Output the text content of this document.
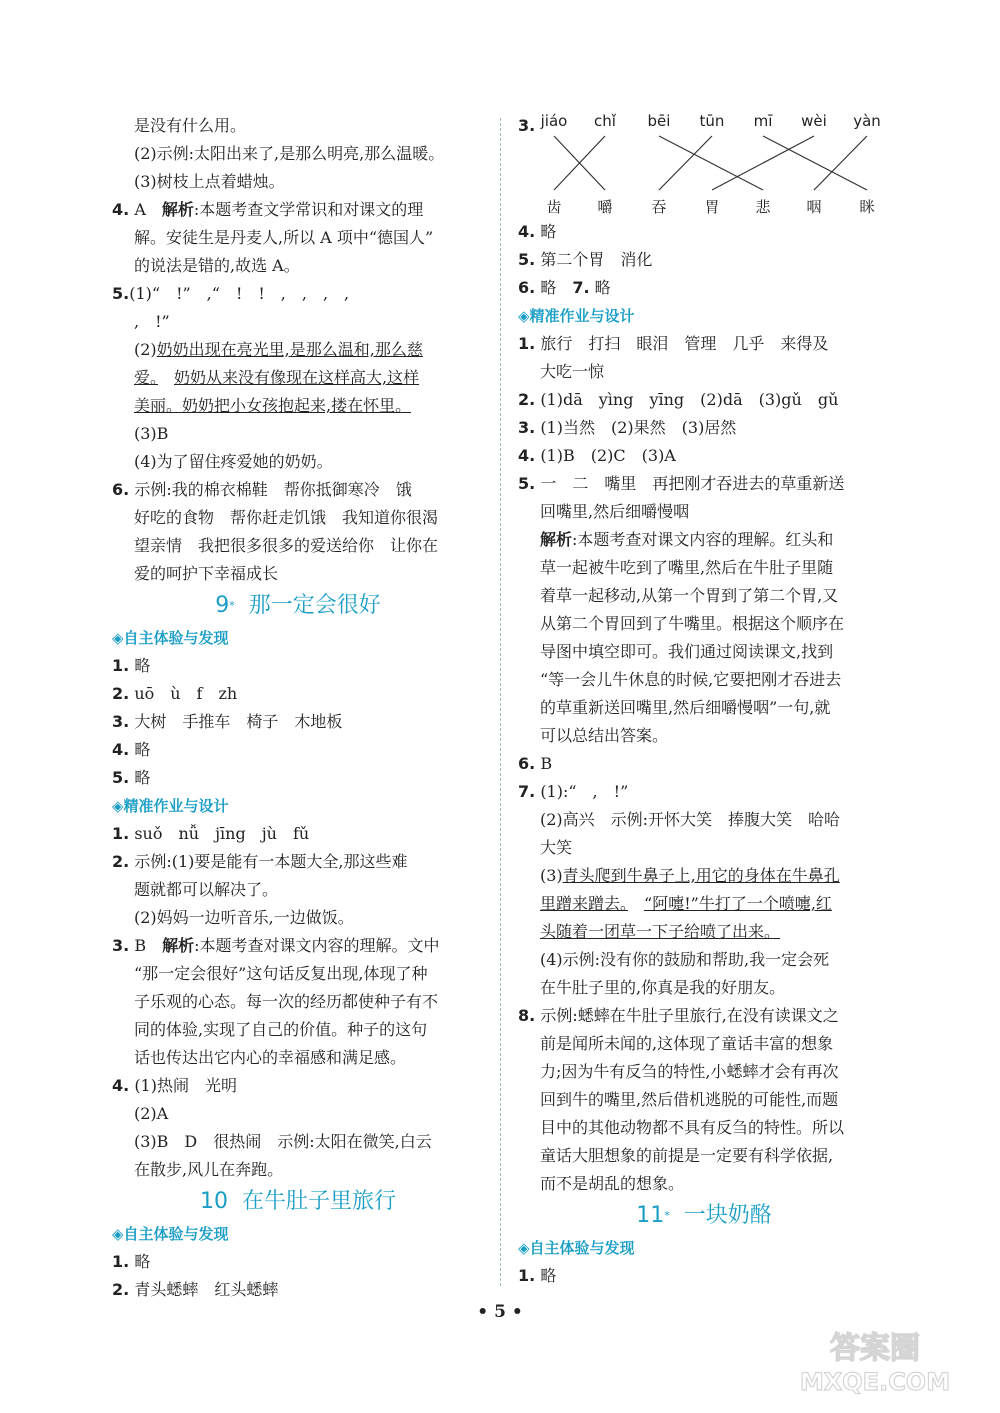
是没有什么用。
(2)示例:太阳出来了,是那么明亮,那么温暖。
(3)树枝上点着蜡烛。
4. A　 解析:本题考查文学常识和对课文的理
解。安徒生是丹麦人,所以 A 项中“德国人”
的说法是错的,故选 A。
5.(1)“　!”　,“　!　!　,　,　,　,
,　!”
(2)奶奶出现在亮光里,是那么温和,那么慈
爱。　 奶奶从来没有像现在这样高大,这样
美丽。奶奶把小女孩抱起来,搂在怀里。
(3)B
(4)为了留住疼爱她的奶奶。
6. 示例:我的棉衣棉鞋　帮你抵御寒冷　饿
好吃的食物　帮你赶走饥饿　我知道你很渴
望亲情　我把很多很多的爱送给你　让你在
爱的呵护下幸福成长
9* 那一定会很好
◈自主体验与发现
1. 略
2. uō　ù　f　zh
3. 大树　手推车　椅子　木地板
4. 略
5. 略
◈精准作业与设计
1. suǒ　nǚ　jīng　jù　fǔ
2. 示例:(1)要是能有一本题大全,那这些难
题就都可以解决了。
(2)妈妈一边听音乐,一边做饭。
3. B　 解析:本题考查对课文内容的理解。文中
“那一定会很好”这句话反复出现,体现了种
子乐观的心态。每一次的经历都使种子有不
同的体验,实现了自己的价值。种子的这句
话也传达出它内心的幸福感和满足感。
4. (1)热闹　光明
(2)A
(3)B　D　很热闹　示例:太阳在微笑,白云
在散步,风儿在奔跑。
10 在牛肚子里旅行
◈自主体验与发现
1. 略
2. 青头蟋蟀　红头蟋蟀
3. jiáo chǐ bēi tūn mī wèi yàn
齿 嚼	吞	胃 悲 咽	眯
4. 略
5. 第二个胃　消化
6. 略　 7. 略
◈精准作业与设计
1. 旅行　打扫　眼泪　管理　几乎　来得及
大吃一惊
2. (1)dā　yìng　yīng　(2)dā　(3)gǔ　gǔ
3. (1)当然　(2)果然　(3)居然
4. (1)B　(2)C　(3)A
5. 一　二　嘴里　再把刚才吞进去的草重新送
回嘴里,然后细嚼慢咽
解析:本题考查对课文内容的理解。红头和
草一起被牛吃到了嘴里,然后在牛肚子里随
着草一起移动,从第一个胃到了第二个胃,又
从第二个胃回到了牛嘴里。根据这个顺序在
导图中填空即可。我们通过阅读课文,找到
“等一会儿牛休息的时候,它要把刚才吞进去
的草重新送回嘴里,然后细嚼慢咽”一句,就
可以总结出答案。
6. B
7. (1):“　,　!”
(2)高兴　示例:开怀大笑　捧腹大笑　哈哈
大笑
(3)青头爬到牛鼻子上,用它的身体在牛鼻孔
里蹭来蹭去。　 “阿嚏!”牛打了一个喷嚏,红
头随着一团草一下子给喷了出来。
(4)示例:没有你的鼓励和帮助,我一定会死
在牛肚子里的,你真是我的好朋友。
8. 示例:蟋蟀在牛肚子里旅行,在没有读课文之
前是闻所未闻的,这体现了童话丰富的想象
力;因为牛有反刍的特性,小蟋蟀才会有再次
回到牛的嘴里,然后借机逃脱的可能性,而题
目中的其他动物都不具有反刍的特性。所以
童话大胆想象的前提是一定要有科学依据,
而不是胡乱的想象。
11* 一块奶酪
◈自主体验与发现
1. 略
• 5 •
答案圈
MXQE.COM
